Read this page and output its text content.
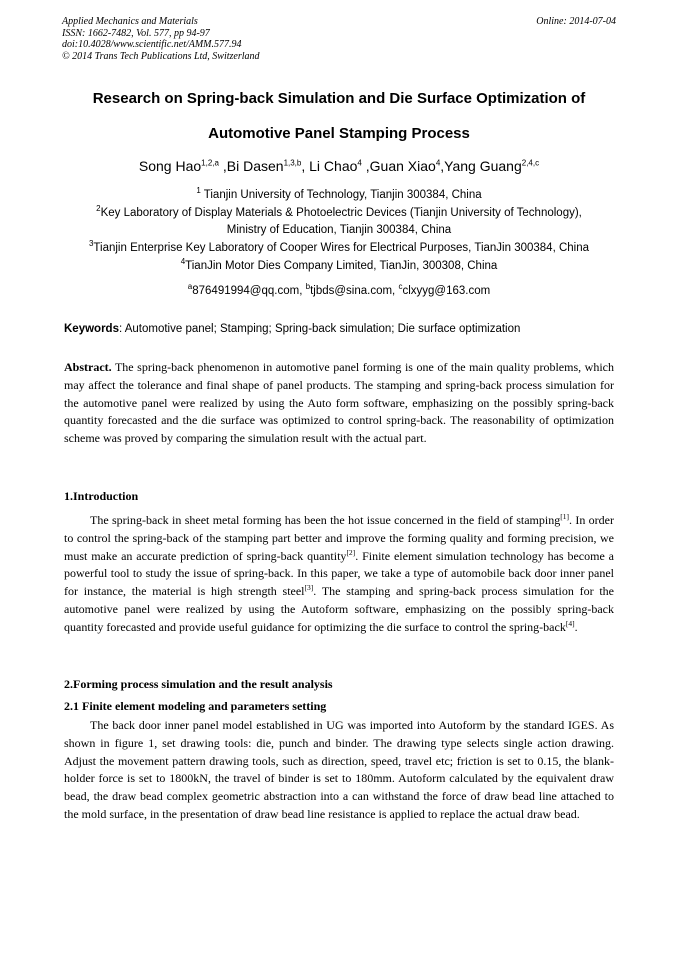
Applied Mechanics and Materials
ISSN: 1662-7482, Vol. 577, pp 94-97
doi:10.4028/www.scientific.net/AMM.577.94
© 2014 Trans Tech Publications Ltd, Switzerland
Online: 2014-07-04
Research on Spring-back Simulation and Die Surface Optimization of
Automotive Panel Stamping Process
Song Hao$^{1,2,a}$ ,Bi Dasen$^{1,3,b}$, Li Chao$^4$ ,Guan Xiao$^4$,Yang Guang$^{2,4,c}$
$^1$ Tianjin University of Technology, Tianjin 300384, China
$^2$Key Laboratory of Display Materials & Photoelectric Devices (Tianjin University of Technology),
Ministry of Education, Tianjin 300384, China
$^3$Tianjin Enterprise Key Laboratory of Cooper Wires for Electrical Purposes, TianJin 300384, China
$^4$TianJin Motor Dies Company Limited, TianJin, 300308, China
$^a$876491994@qq.com, $^b$tjbds@sina.com, $^c$clxyyg@163.com
Keywords: Automotive panel; Stamping; Spring-back simulation; Die surface optimization

Abstract. The spring-back phenomenon in automotive panel forming is one of the main quality problems, which may affect the tolerance and final shape of panel products. The stamping and spring-back process simulation for the automotive panel were realized by using the Auto form software, emphasizing on the possibly spring-back quantity forecasted and the die surface was optimized to control spring-back. The reasonability of optimization scheme was proved by comparing the simulation result with the actual part.

1.Introduction

The spring-back in sheet metal forming has been the hot issue concerned in the field of stamping[1]. In order to control the spring-back of the stamping part better and improve the forming quality and forming precision, we must make an accurate prediction of spring-back quantity[2]. Finite element simulation technology has become a powerful tool to study the issue of spring-back. In this paper, we take a type of automobile back door inner panel for instance, the material is high strength steel[3]. The stamping and spring-back process simulation for the automotive panel were realized by using the Autoform software, emphasizing on the possibly spring-back quantity forecasted and provide useful guidance for optimizing the die surface to control the spring-back[4].

2.Forming process simulation and the result analysis
2.1 Finite element modeling and parameters setting

The back door inner panel model established in UG was imported into Autoform by the standard IGES. As shown in figure 1, set drawing tools: die, punch and binder. The drawing type selects single action drawing. Adjust the movement pattern drawing tools, such as direction, speed, travel etc; friction is set to 0.15, the blank-holder force is set to 1800kN, the travel of binder is set to 180mm. Autoform calculated by the equivalent draw bead, the draw bead complex geometric abstraction into a can withstand the force of draw bead line attached to the mold surface, in the presentation of draw bead line resistance is applied to replace the actual draw bead.
